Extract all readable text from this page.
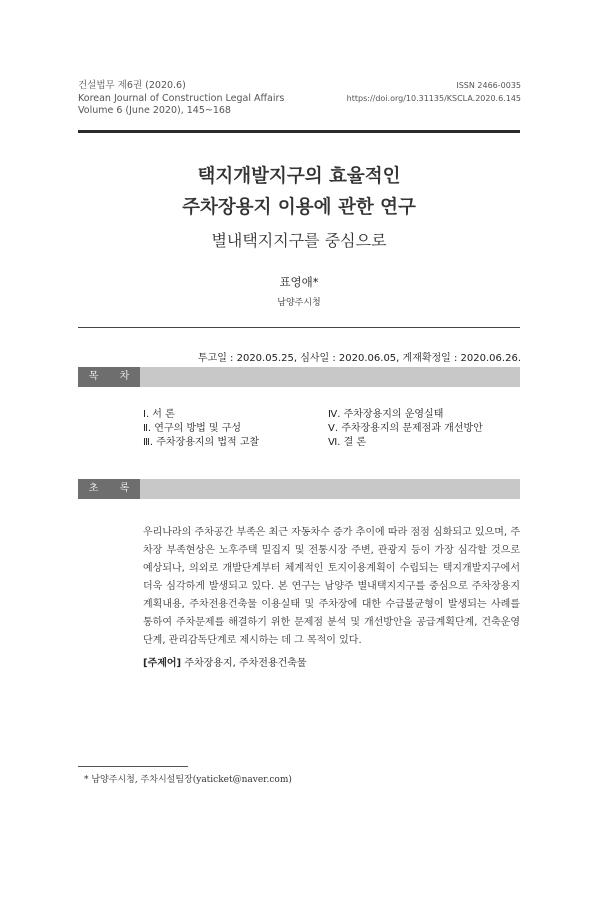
건설법무 제6권 (2020.6)
Korean Journal of Construction Legal Affairs
Volume 6 (June 2020), 145~168
ISSN 2466-0035
https://doi.org/10.31135/KSCLA.2020.6.145
택지개발지구의 효율적인
주차장용지 이용에 관한 연구
별내택지지구를 중심으로
표영애*
남양주시청
투고일 : 2020.05.25, 심사일 : 2020.06.05, 게재확정일 : 2020.06.26.
목 차
Ⅰ. 서 론
Ⅱ. 연구의 방법 및 구성
Ⅲ. 주차장용지의 법적 고찰
Ⅳ. 주차장용지의 운영실태
Ⅴ. 주차장용지의 문제점과 개선방안
Ⅵ. 결 론
초 록
우리나라의 주차공간 부족은 최근 자동차수 증가 추이에 따라 점점 심화되고 있으며, 주차장 부족현상은 노후주택 밀집지 및 전통시장 주변, 관광지 등이 가장 심각할 것으로 예상되나, 의외로 개발단계부터 체계적인 토지이용계획이 수립되는 택지개발지구에서 더욱 심각하게 발생되고 있다. 본 연구는 남양주 별내택지지구를 중심으로 주차장용지 계획내용, 주차전용건축물 이용실태 및 주차장에 대한 수급불균형이 발생되는 사례를 통하여 주차문제를 해결하기 위한 문제점 분석 및 개선방안을 공급계획단계, 건축운영단계, 관리감독단계로 제시하는 데 그 목적이 있다.
[주제어] 주차장용지, 주차전용건축물
* 남양주시청, 주차시설팀장(yaticket@naver.com)
